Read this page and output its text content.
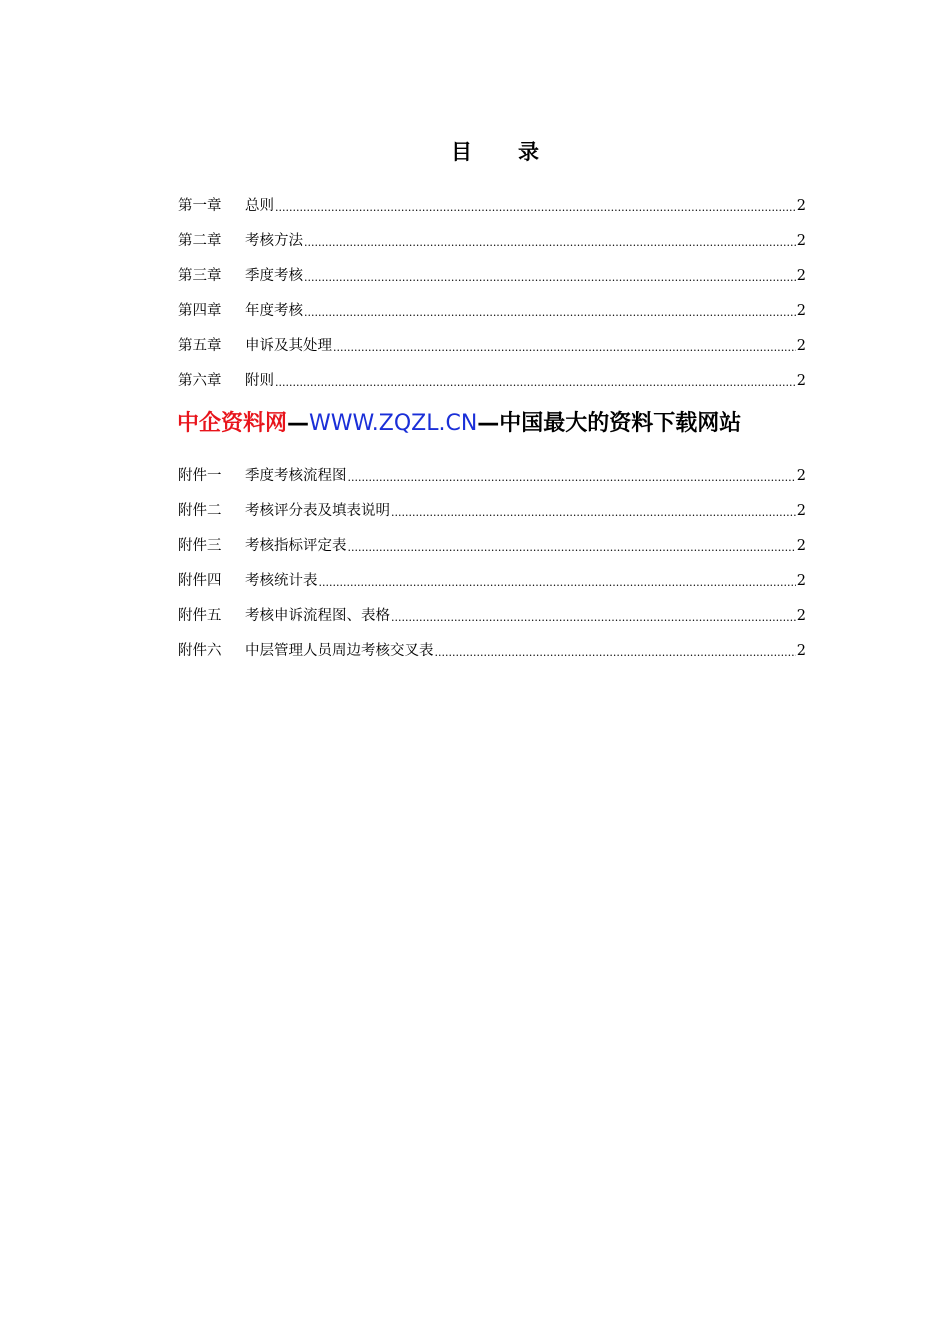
目 录
第一章	总则 .....	2
第二章	考核方法 .....	2
第三章	季度考核 .....	2
第四章	年度考核 .....	2
第五章	申诉及其处理 .....	2
第六章	附则 .....	2
中企资料网—WWW.ZQZL.CN—中国最大的资料下载网站
附件一	季度考核流程图 .....	2
附件二	考核评分表及填表说明 .....	2
附件三	考核指标评定表 .....	2
附件四	考核统计表 .....	2
附件五	考核申诉流程图、表格 .....	2
附件六	中层管理人员周边考核交叉表 .....	2
